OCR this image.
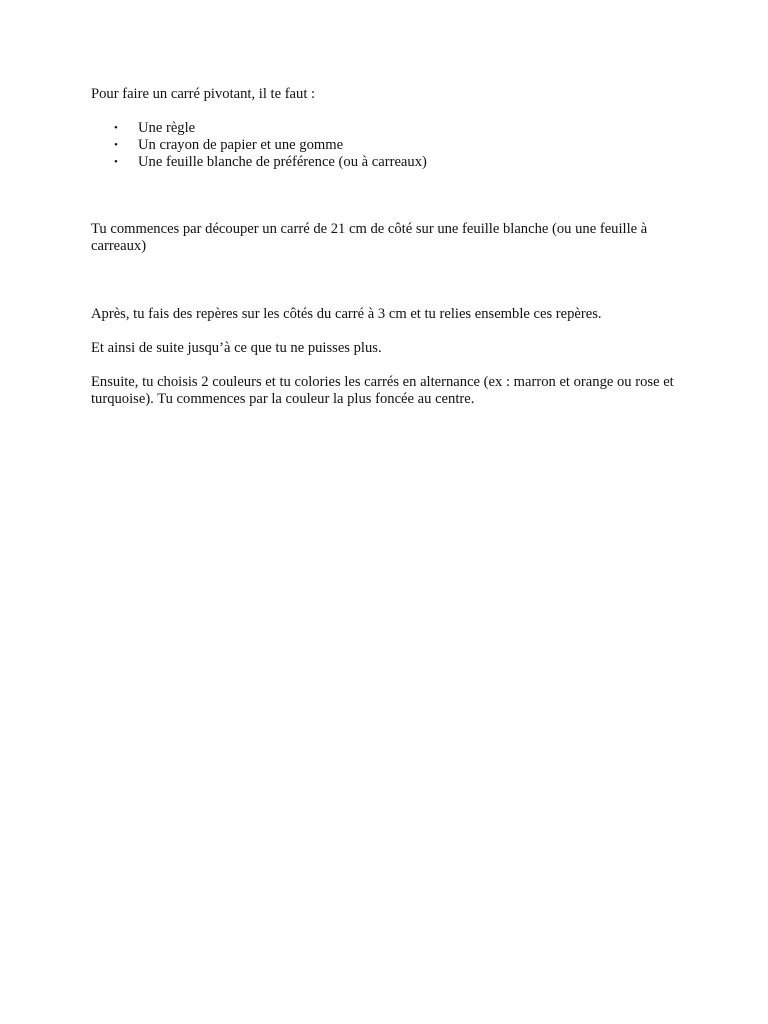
Pour faire un carré pivotant, il te faut :

• Une règle
• Un crayon de papier et une gomme
• Une feuille blanche de préférence (ou à carreaux)

Tu commences par découper un carré de 21 cm de côté sur une feuille blanche (ou une feuille à carreaux)

Après, tu fais des repères sur les côtés du carré à 3 cm et tu relies ensemble ces repères.

Et ainsi de suite jusqu’à ce que tu ne puisses plus.

Ensuite, tu choisis 2 couleurs et tu colories les carrés en alternance (ex : marron et orange ou rose et turquoise). Tu commences par la couleur la plus foncée au centre.
